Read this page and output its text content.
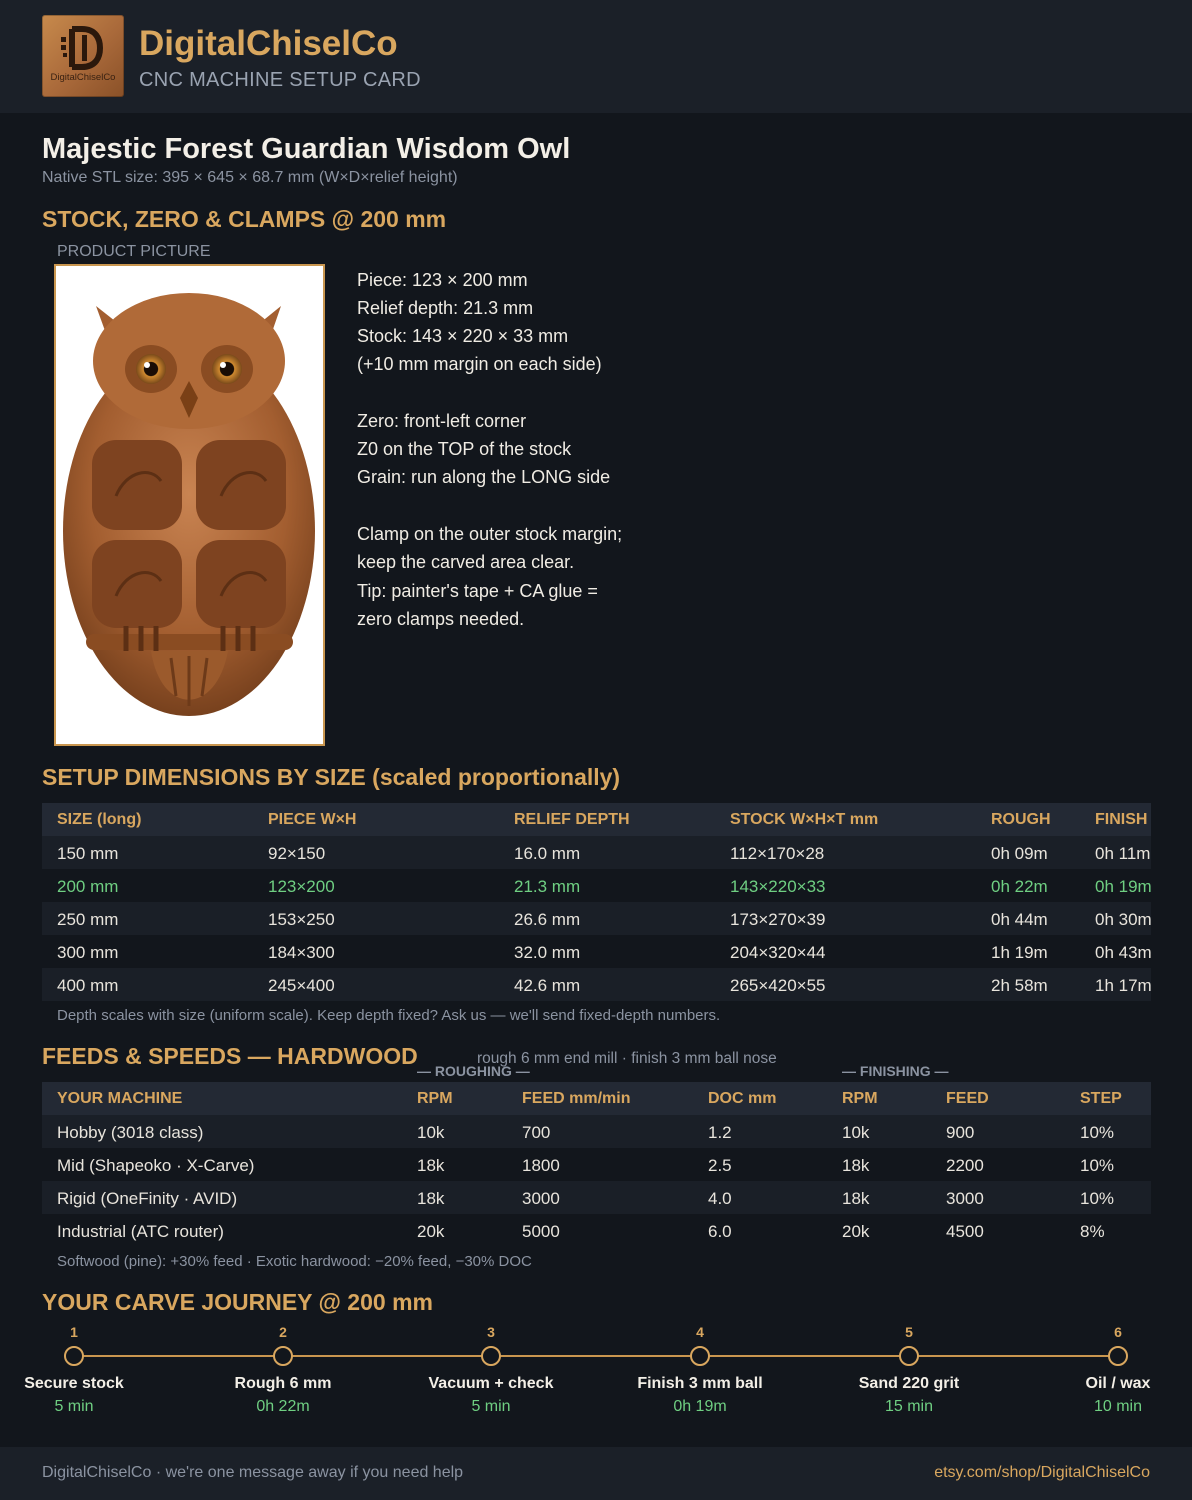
DigitalChiselCo
DigitalChiselCo
CNC MACHINE SETUP CARD
Majestic Forest Guardian Wisdom Owl
Native STL size: 395 × 645 × 68.7 mm (W×D×relief height)
STOCK, ZERO & CLAMPS @ 200 mm
PRODUCT PICTURE
Piece: 123 × 200 mm
Relief depth: 21.3 mm
Stock: 143 × 220 × 33 mm
(+10 mm margin on each side)
Zero: front-left corner
Z0 on the TOP of the stock
Grain: run along the LONG side
Clamp on the outer stock margin;
keep the carved area clear.
Tip: painter's tape + CA glue =
zero clamps needed.
SETUP DIMENSIONS BY SIZE (scaled proportionally)
SIZE (long)	PIECE W×H	RELIEF DEPTH	STOCK W×H×T mm	ROUGH	FINISH
150 mm	92×150	16.0 mm	112×170×28	0h 09m	0h 11m
200 mm	123×200	21.3 mm	143×220×33	0h 22m	0h 19m
250 mm	153×250	26.6 mm	173×270×39	0h 44m	0h 30m
300 mm	184×300	32.0 mm	204×320×44	1h 19m	0h 43m
400 mm	245×400	42.6 mm	265×420×55	2h 58m	1h 17m
Depth scales with size (uniform scale). Keep depth fixed? Ask us — we'll send fixed-depth numbers.
FEEDS & SPEEDS — HARDWOOD	rough 6 mm end mill · finish 3 mm ball nose
— ROUGHING —	— FINISHING —
YOUR MACHINE	RPM	FEED mm/min	DOC mm	RPM	FEED	STEP
Hobby (3018 class)	10k	700	1.2	10k	900	10%
Mid (Shapeoko · X-Carve)	18k	1800	2.5	18k	2200	10%
Rigid (OneFinity · AVID)	18k	3000	4.0	18k	3000	10%
Industrial (ATC router)	20k	5000	6.0	20k	4500	8%
Softwood (pine): +30% feed · Exotic hardwood: −20% feed, −30% DOC
YOUR CARVE JOURNEY @ 200 mm
1
Secure stock
5 min
2
Rough 6 mm
0h 22m
3
Vacuum + check
5 min
4
Finish 3 mm ball
0h 19m
5
Sand 220 grit
15 min
6
Oil / wax
10 min
DigitalChiselCo · we're one message away if you need help	etsy.com/shop/DigitalChiselCo
